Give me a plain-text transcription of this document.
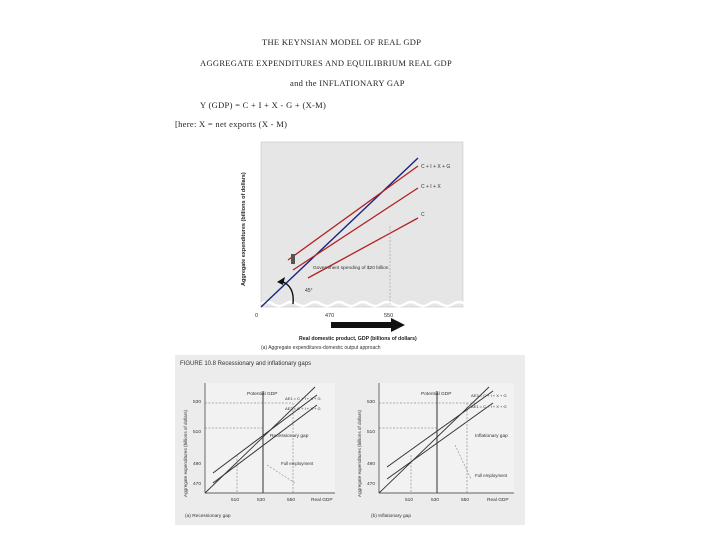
THE KEYNSIAN MODEL OF REAL GDP
AGGREGATE EXPENDITURES AND EQUILIBRIUM REAL GDP
and the INFLATIONARY GAP
Y (GDP) = C + I + X - G + (X-M)
[here: X = net exports (X - M)
Aggregate expenditures (billions of dollars)
C + I + X + G
C + I + X
C
Government spending of $20 billion
45°
0	470	550
Real domestic product, GDP (billions of dollars)
(a) Aggregate expenditures-domestic output approach
FIGURE 10.8 Recessionary and inflationary gaps
Aggregate expenditures (billions of dollars)
530
510
490
470
Potential GDP
AE1 = C + I + X + G
AE2 = C + I + X + G
Recessionary gap
Full employment
510	530	550	Real GDP
(a) Recessionary gap
Aggregate expenditures (billions of dollars)
530
510
490
470
Potential GDP	AE3 = C + I + X + G
AE1 = C + I + X + G
Inflationary gap
Full employment
510	530	550	Real GDP
(b) Inflationary gap
